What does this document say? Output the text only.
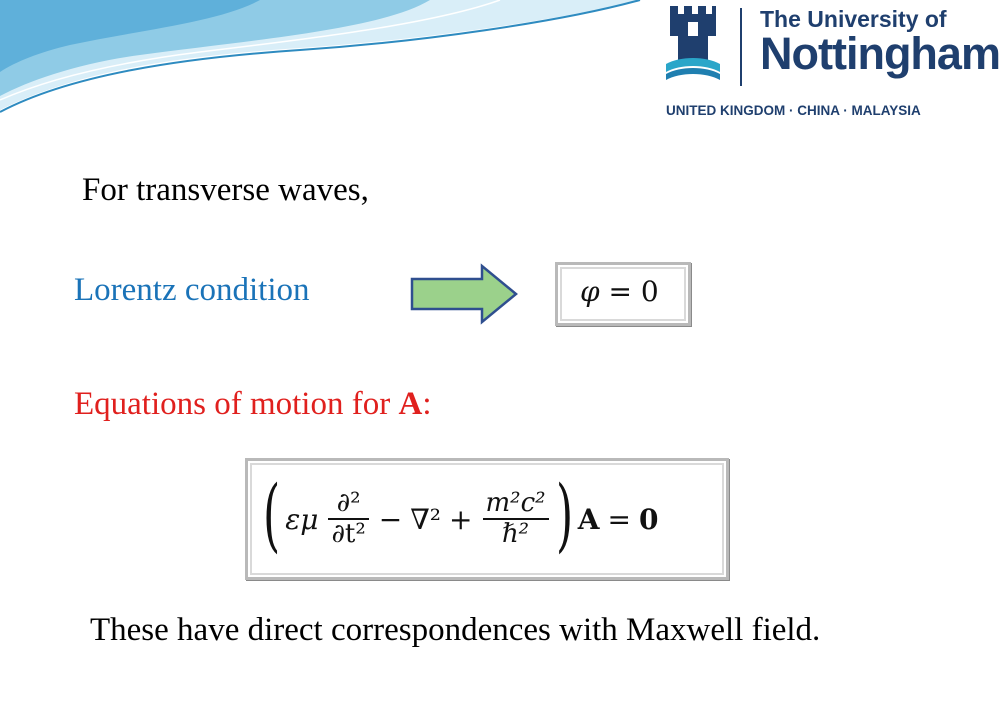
The University of
Nottingham
UNITED KINGDOM · CHINA · MALAYSIA
For transverse waves,
Lorentz condition	φ = 0
Equations of motion for A:
( εμ $\frac{\text{∂²}}{\text{∂t²}} - \nabla^2 + \frac{\text{m²c²}}{\text{ℏ²}}$ ) A = 0
These have direct correspondences with Maxwell field.
